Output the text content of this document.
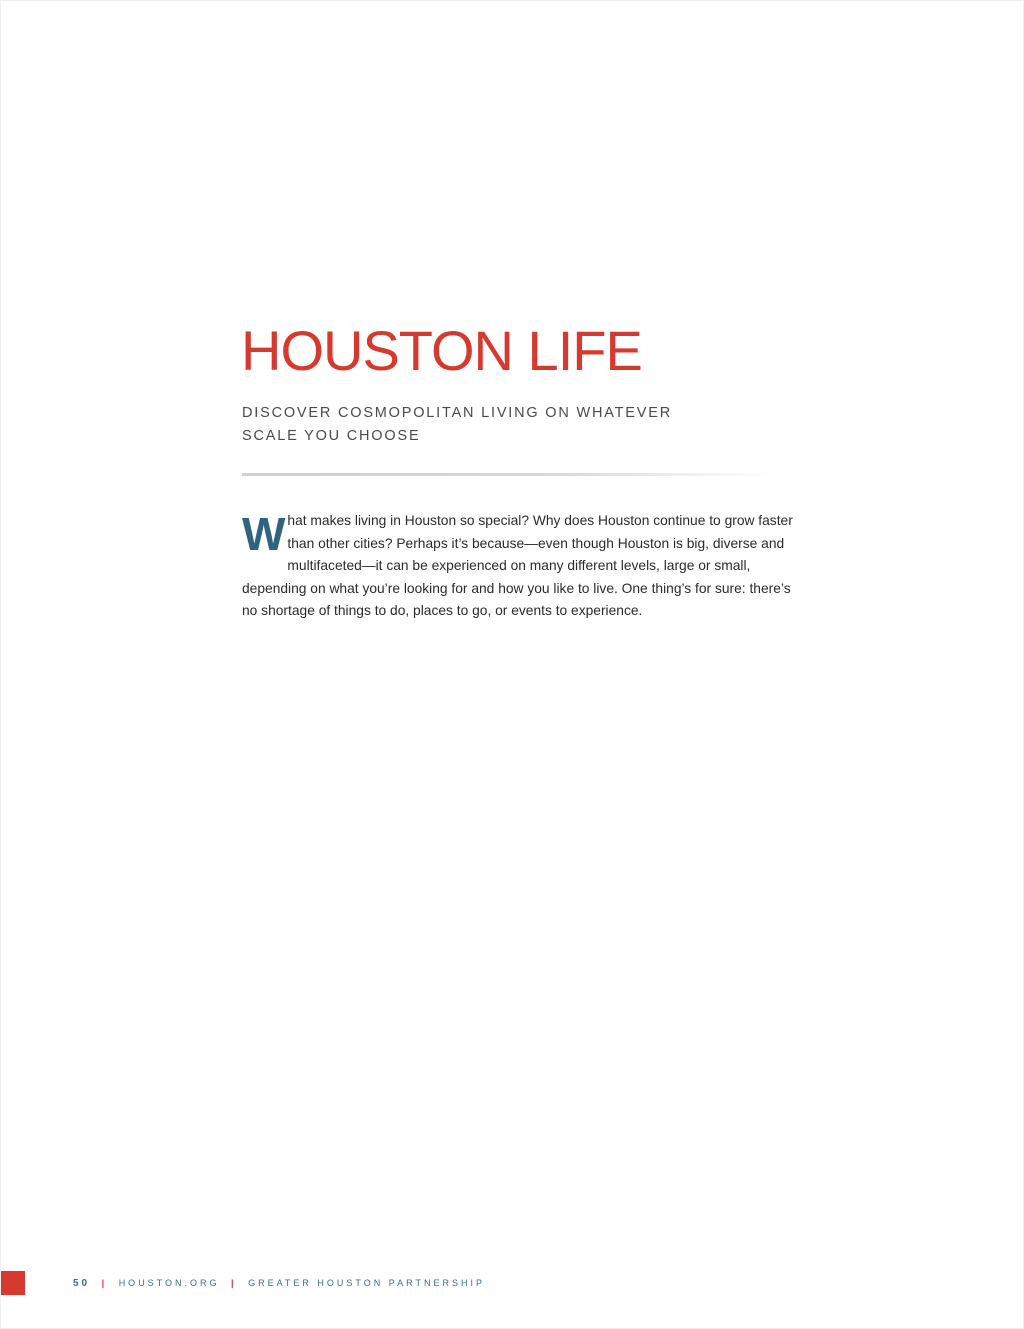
HOUSTON LIFE

DISCOVER COSMOPOLITAN LIVING ON WHATEVER SCALE YOU CHOOSE

What makes living in Houston so special? Why does Houston continue to grow faster than other cities? Perhaps it’s because—even though Houston is big, diverse and multifaceted—it can be experienced on many different levels, large or small, depending on what you’re looking for and how you like to live. One thing’s for sure: there’s no shortage of things to do, places to go, or events to experience.

50 | HOUSTON.ORG | GREATER HOUSTON PARTNERSHIP
